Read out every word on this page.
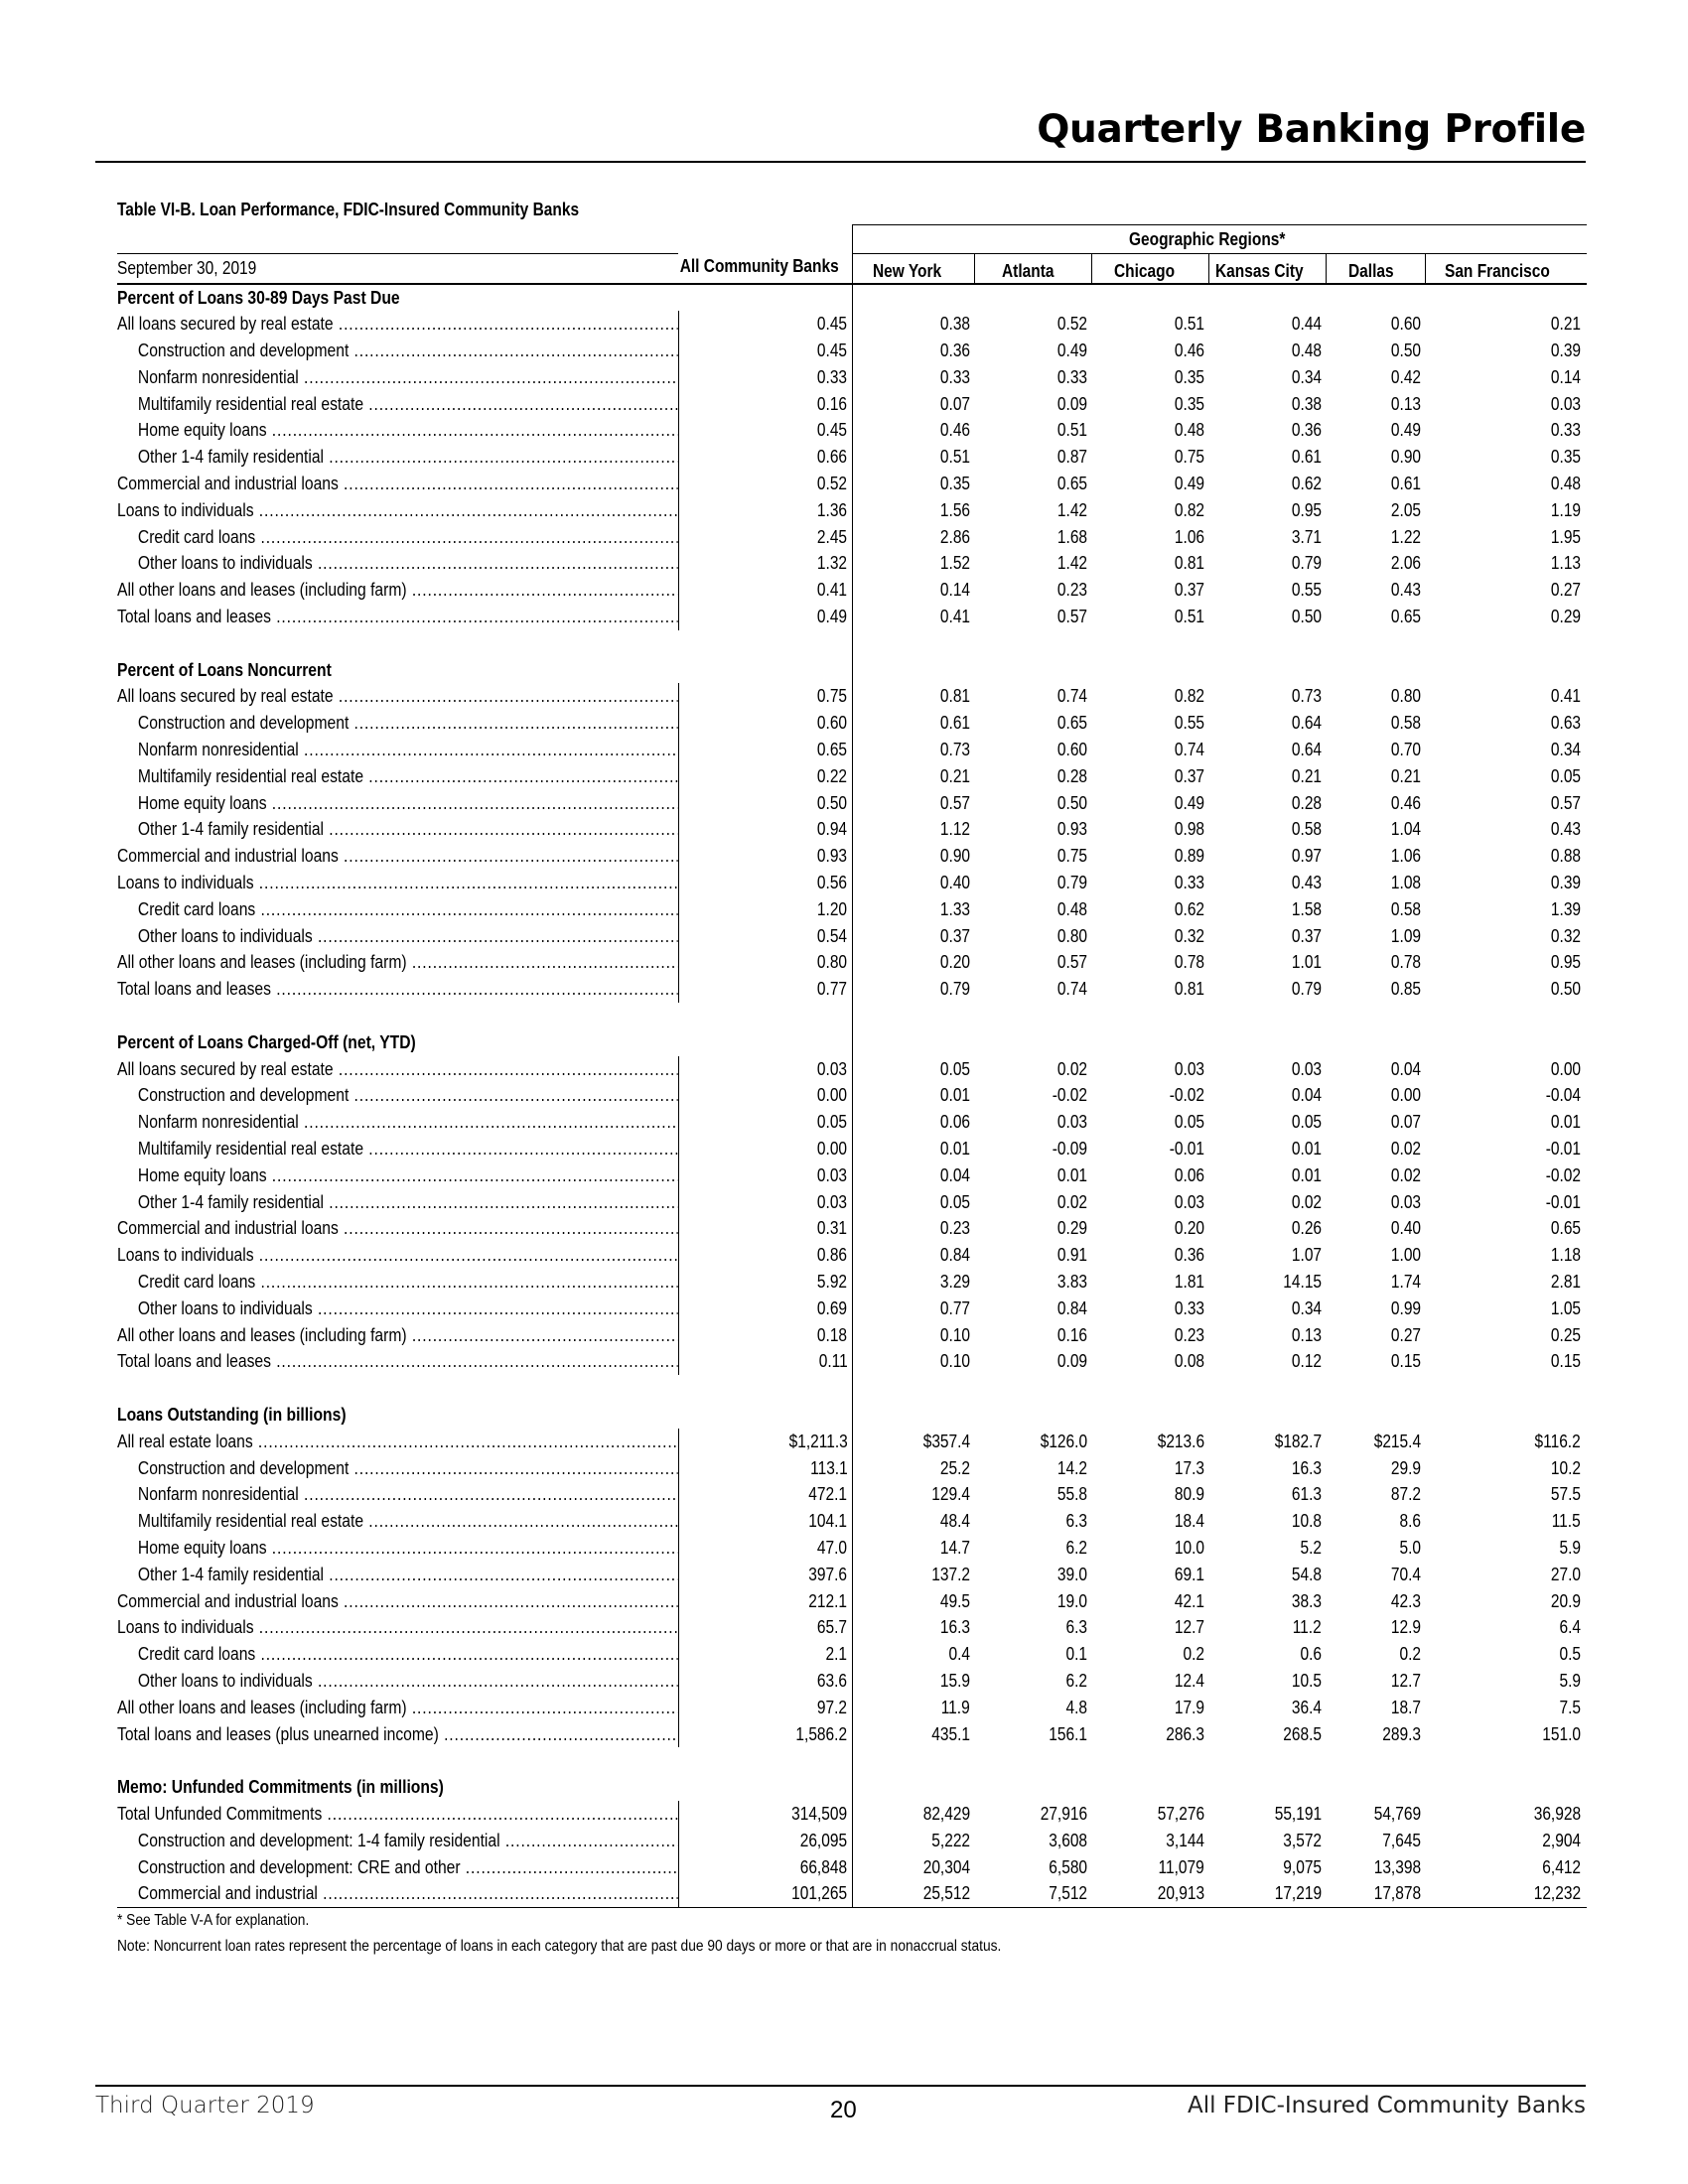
Quarterly Banking Profile
Table VI-B. Loan Performance, FDIC-Insured Community Banks
		Geographic Regions*					
September 30, 2019	All Community Banks	New York	Atlanta	Chicago	Kansas City	Dallas	San Francisco
Percent of Loans 30-89 Days Past Due							

All loans secured by real estate .....	0.45	0.38	0.52	0.51	0.44	0.60	0.21

Construction and development .....	0.45	0.36	0.49	0.46	0.48	0.50	0.39

Nonfarm nonresidential .....	0.33	0.33	0.33	0.35	0.34	0.42	0.14

Multifamily residential real estate .....	0.16	0.07	0.09	0.35	0.38	0.13	0.03

Home equity loans .....	0.45	0.46	0.51	0.48	0.36	0.49	0.33

Other 1-4 family residential .....	0.66	0.51	0.87	0.75	0.61	0.90	0.35

Commercial and industrial loans .....	0.52	0.35	0.65	0.49	0.62	0.61	0.48

Loans to individuals .....	1.36	1.56	1.42	0.82	0.95	2.05	1.19

Credit card loans .....	2.45	2.86	1.68	1.06	3.71	1.22	1.95

Other loans to individuals .....	1.32	1.52	1.42	0.81	0.79	2.06	1.13

All other loans and leases (including farm) .....	0.41	0.14	0.23	0.37	0.55	0.43	0.27

Total loans and leases .....	0.49	0.41	0.57	0.51	0.50	0.65	0.29

Percent of Loans Noncurrent							

All loans secured by real estate .....	0.75	0.81	0.74	0.82	0.73	0.80	0.41

Construction and development .....	0.60	0.61	0.65	0.55	0.64	0.58	0.63

Nonfarm nonresidential .....	0.65	0.73	0.60	0.74	0.64	0.70	0.34

Multifamily residential real estate .....	0.22	0.21	0.28	0.37	0.21	0.21	0.05

Home equity loans .....	0.50	0.57	0.50	0.49	0.28	0.46	0.57

Other 1-4 family residential .....	0.94	1.12	0.93	0.98	0.58	1.04	0.43

Commercial and industrial loans .....	0.93	0.90	0.75	0.89	0.97	1.06	0.88

Loans to individuals .....	0.56	0.40	0.79	0.33	0.43	1.08	0.39

Credit card loans .....	1.20	1.33	0.48	0.62	1.58	0.58	1.39

Other loans to individuals .....	0.54	0.37	0.80	0.32	0.37	1.09	0.32

All other loans and leases (including farm) .....	0.80	0.20	0.57	0.78	1.01	0.78	0.95

Total loans and leases .....	0.77	0.79	0.74	0.81	0.79	0.85	0.50

Percent of Loans Charged-Off (net, YTD)							

All loans secured by real estate .....	0.03	0.05	0.02	0.03	0.03	0.04	0.00

Construction and development .....	0.00	0.01	-0.02	-0.02	0.04	0.00	-0.04

Nonfarm nonresidential .....	0.05	0.06	0.03	0.05	0.05	0.07	0.01

Multifamily residential real estate .....	0.00	0.01	-0.09	-0.01	0.01	0.02	-0.01

Home equity loans .....	0.03	0.04	0.01	0.06	0.01	0.02	-0.02

Other 1-4 family residential .....	0.03	0.05	0.02	0.03	0.02	0.03	-0.01

Commercial and industrial loans .....	0.31	0.23	0.29	0.20	0.26	0.40	0.65

Loans to individuals .....	0.86	0.84	0.91	0.36	1.07	1.00	1.18

Credit card loans .....	5.92	3.29	3.83	1.81	14.15	1.74	2.81

Other loans to individuals .....	0.69	0.77	0.84	0.33	0.34	0.99	1.05

All other loans and leases (including farm) .....	0.18	0.10	0.16	0.23	0.13	0.27	0.25

Total loans and leases .....	0.11	0.10	0.09	0.08	0.12	0.15	0.15

Loans Outstanding (in billions)							

All real estate loans .....	$1,211.3	$357.4	$126.0	$213.6	$182.7	$215.4	$116.2

Construction and development .....	113.1	25.2	14.2	17.3	16.3	29.9	10.2

Nonfarm nonresidential .....	472.1	129.4	55.8	80.9	61.3	87.2	57.5

Multifamily residential real estate .....	104.1	48.4	6.3	18.4	10.8	8.6	11.5

Home equity loans .....	47.0	14.7	6.2	10.0	5.2	5.0	5.9

Other 1-4 family residential .....	397.6	137.2	39.0	69.1	54.8	70.4	27.0

Commercial and industrial loans .....	212.1	49.5	19.0	42.1	38.3	42.3	20.9

Loans to individuals .....	65.7	16.3	6.3	12.7	11.2	12.9	6.4

Credit card loans .....	2.1	0.4	0.1	0.2	0.6	0.2	0.5

Other loans to individuals .....	63.6	15.9	6.2	12.4	10.5	12.7	5.9

All other loans and leases (including farm) .....	97.2	11.9	4.8	17.9	36.4	18.7	7.5

Total loans and leases (plus unearned income) .....	1,586.2	435.1	156.1	286.3	268.5	289.3	151.0

Memo: Unfunded Commitments (in millions)							

Total Unfunded Commitments .....	314,509	82,429	27,916	57,276	55,191	54,769	36,928

Construction and development: 1-4 family residential .....	26,095	5,222	3,608	3,144	3,572	7,645	2,904

Construction and development: CRE and other .....	66,848	20,304	6,580	11,079	9,075	13,398	6,412

Commercial and industrial .....	101,265	25,512	7,512	20,913	17,219	17,878	12,232
* See Table V-A for explanation.
Note: Noncurrent loan rates represent the percentage of loans in each category that are past due 90 days or more or that are in nonaccrual status.
Third Quarter 2019	20	All FDIC-Insured Community Banks
